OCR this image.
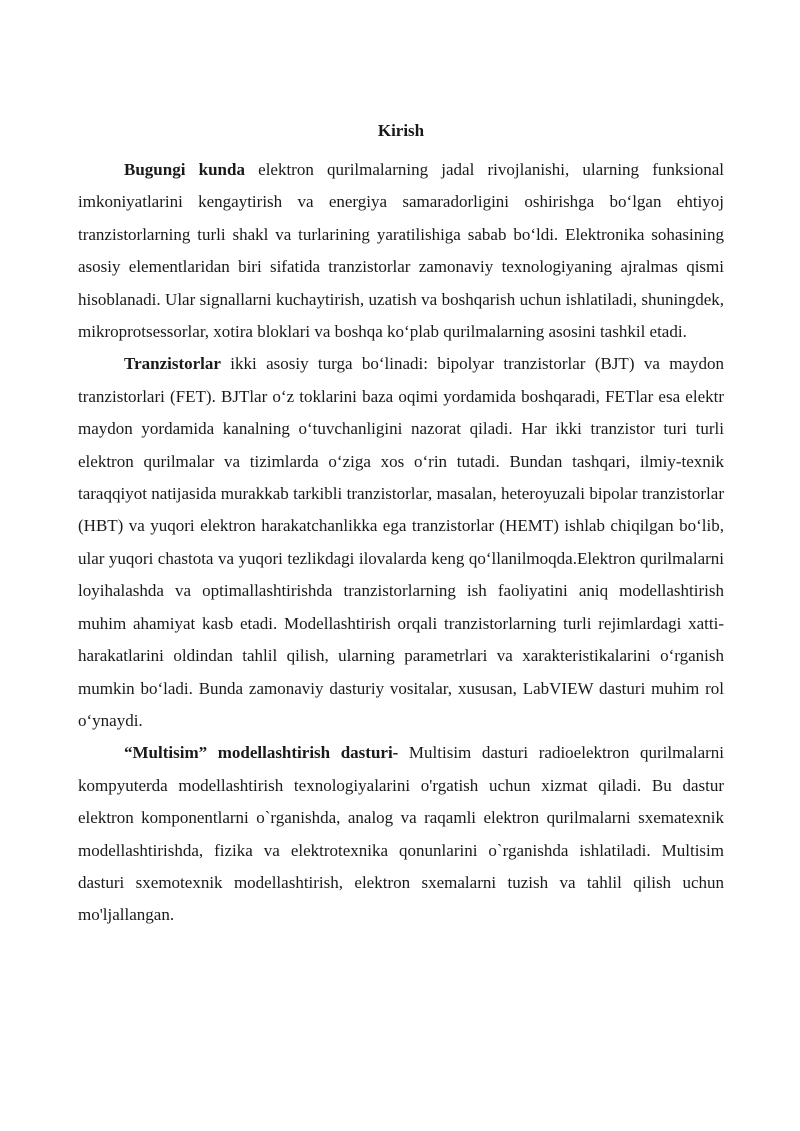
Kirish

Bugungi kunda elektron qurilmalarning jadal rivojlanishi, ularning funksional imkoniyatlarini kengaytirish va energiya samaradorligini oshirishga bo‘lgan ehtiyoj tranzistorlarning turli shakl va turlarining yaratilishiga sabab bo‘ldi. Elektronika sohasining asosiy elementlaridan biri sifatida tranzistorlar zamonaviy texnologiyaning ajralmas qismi hisoblanadi. Ular signallarni kuchaytirish, uzatish va boshqarish uchun ishlatiladi, shuningdek, mikroprotsessorlar, xotira bloklari va boshqa ko‘plab qurilmalarning asosini tashkil etadi.

Tranzistorlar ikki asosiy turga bo‘linadi: bipolyar tranzistorlar (BJT) va maydon tranzistorlari (FET). BJTlar o‘z toklarini baza oqimi yordamida boshqaradi, FETlar esa elektr maydon yordamida kanalning o‘tuvchanligini nazorat qiladi. Har ikki tranzistor turi turli elektron qurilmalar va tizimlarda o‘ziga xos o‘rin tutadi. Bundan tashqari, ilmiy-texnik taraqqiyot natijasida murakkab tarkibli tranzistorlar, masalan, heteroyuzali bipolar tranzistorlar (HBT) va yuqori elektron harakatchanlikka ega tranzistorlar (HEMT) ishlab chiqilgan bo‘lib, ular yuqori chastota va yuqori tezlikdagi ilovalarda keng qo‘llanilmoqda.Elektron qurilmalarni loyihalashda va optimallashtirishda tranzistorlarning ish faoliyatini aniq modellashtirish muhim ahamiyat kasb etadi. Modellashtirish orqali tranzistorlarning turli rejimlardagi xatti-harakatlarini oldindan tahlil qilish, ularning parametrlari va xarakteristikalarini o‘rganish mumkin bo‘ladi. Bunda zamonaviy dasturiy vositalar, xususan, LabVIEW dasturi muhim rol o‘ynaydi.

“Multisim” modellashtirish dasturi- Multisim dasturi radioelektron qurilmalarni kompyuterda modellashtirish texnologiyalarini o'rgatish uchun xizmat qiladi. Bu dastur elektron komponentlarni o`rganishda, analog va raqamli elektron qurilmalarni sxematexnik modellashtirishda, fizika va elektrotexnika qonunlarini o`rganishda ishlatiladi. Multisim dasturi sxemotexnik modellashtirish, elektron sxemalarni tuzish va tahlil qilish uchun mo'ljallangan.
